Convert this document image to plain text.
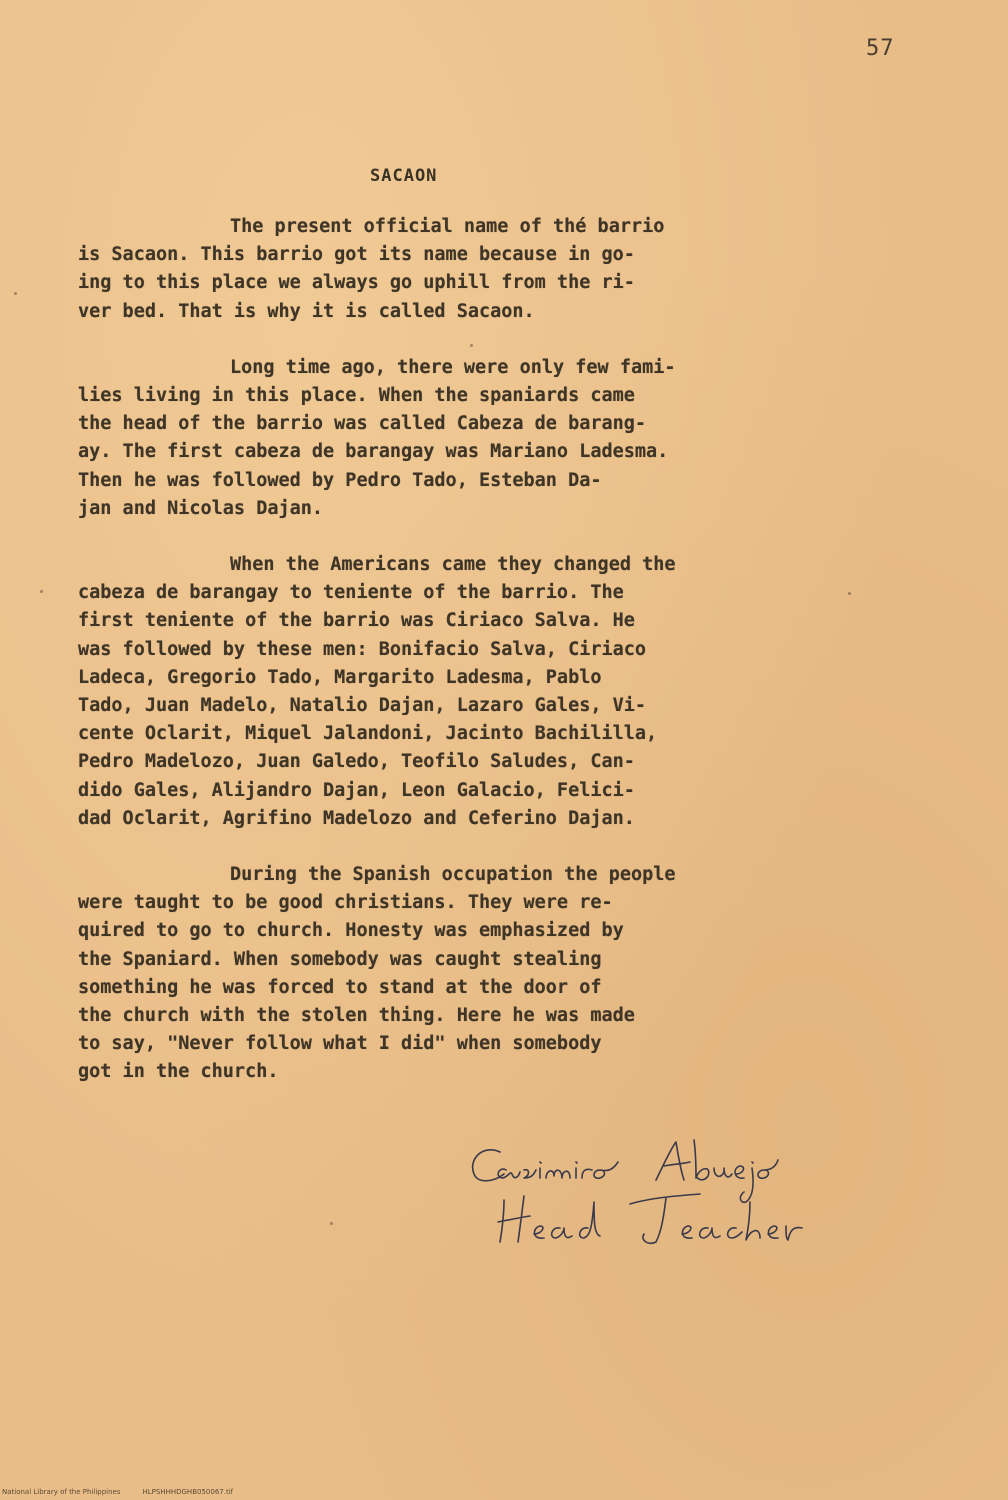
57
SACAON
The present official name of thé barrio
is Sacaon. This barrio got its name because in go-
ing to this place we always go uphill from the ri-
ver bed. That is why it is called Sacaon.
Long time ago, there were only few fami-
lies living in this place. When the spaniards came
the head of the barrio was called Cabeza de barang-
ay. The first cabeza de barangay was Mariano Ladesma.
Then he was followed by Pedro Tado, Esteban Da-
jan and Nicolas Dajan.
When the Americans came they changed the
cabeza de barangay to teniente of the barrio. The
first teniente of the barrio was Ciriaco Salva. He
was followed by these men: Bonifacio Salva, Ciriaco
Ladeca, Gregorio Tado, Margarito Ladesma, Pablo
Tado, Juan Madelo, Natalio Dajan, Lazaro Gales, Vi-
cente Oclarit, Miquel Jalandoni, Jacinto Bachililla,
Pedro Madelozo, Juan Galedo, Teofilo Saludes, Can-
dido Gales, Alijandro Dajan, Leon Galacio, Felici-
dad Oclarit, Agrifino Madelozo and Ceferino Dajan.
During the Spanish occupation the people
were taught to be good christians. They were re-
quired to go to church. Honesty was emphasized by
the Spaniard. When somebody was caught stealing
something he was forced to stand at the door of
the church with the stolen thing. Here he was made
to say, "Never follow what I did" when somebody
got in the church.
National Library of the Philippines	HLPSHHHDGHB050067.tif
